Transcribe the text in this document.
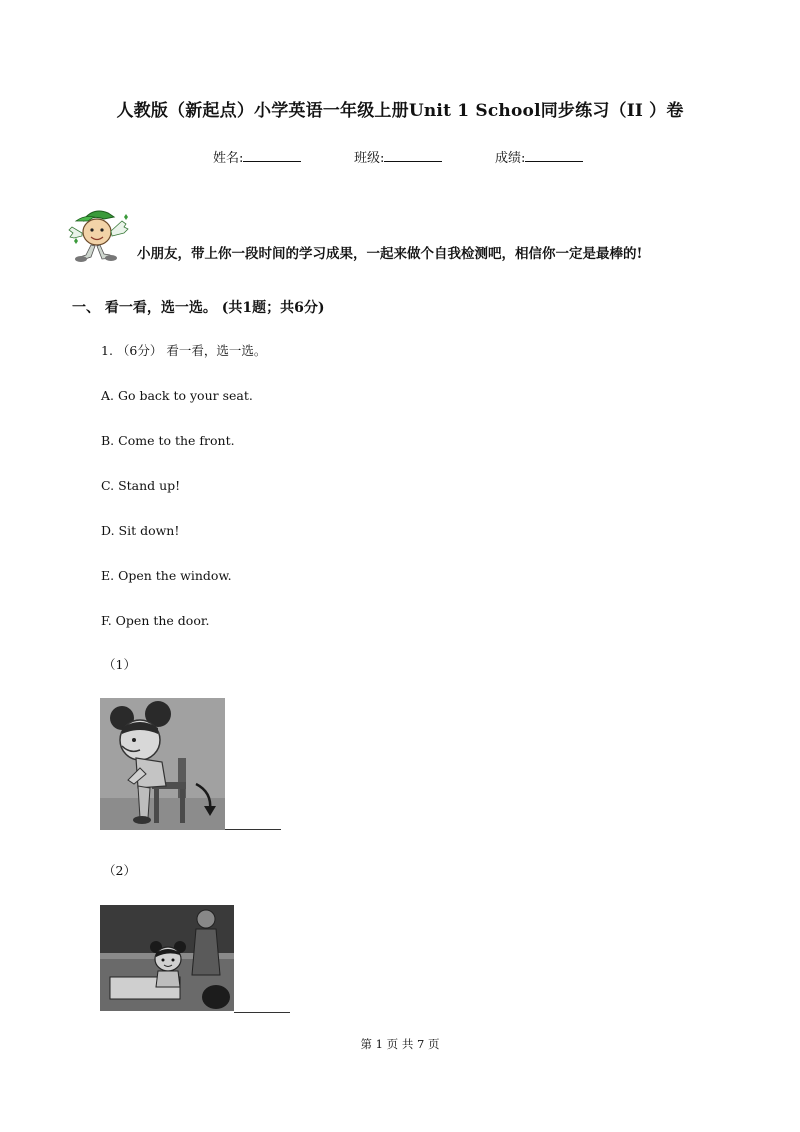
人教版（新起点）小学英语一年级上册Unit 1 School同步练习（II ）卷
姓名:	班级:	成绩:
小朋友，带上你一段时间的学习成果，一起来做个自我检测吧，相信你一定是最棒的!
一、 看一看，选一选。 (共1题；共6分)
1. （6分） 看一看，选一选。
A. Go back to your seat.
B. Come to the front.
C. Stand up!
D. Sit down!
E. Open the window.
F. Open the door.
（1）
（2）
第 1 页 共 7 页
